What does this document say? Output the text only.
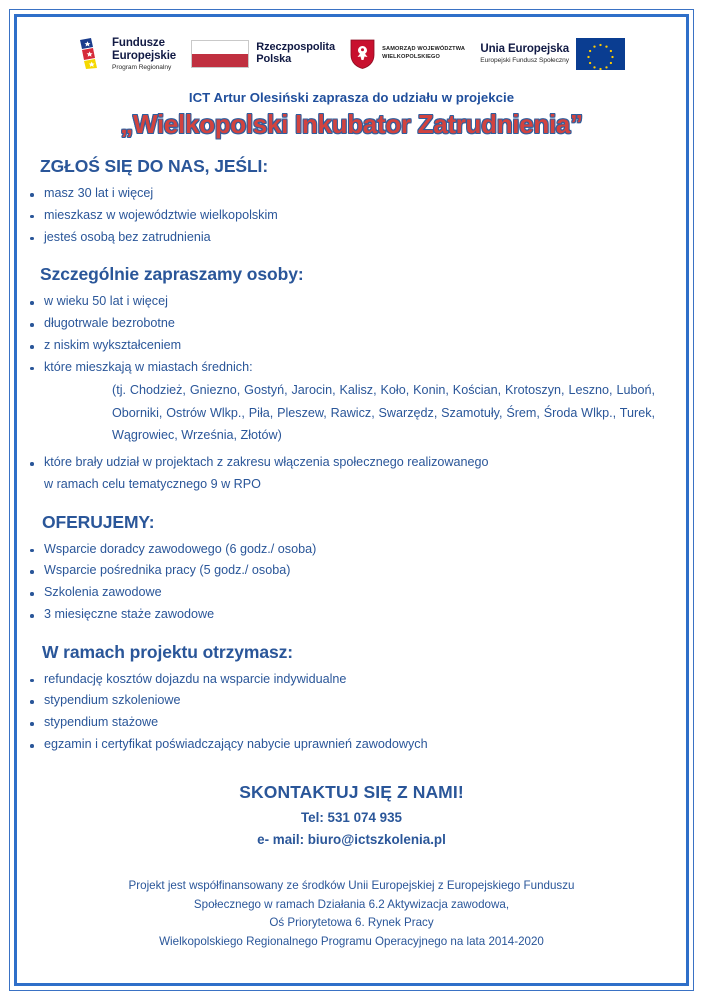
Fundusze
Europejskie
Program Regionalny
Rzeczpospolita
Polska
SAMORZĄD WOJEWÓDZTWA
WIELKOPOLSKIEGO
Unia Europejska
Europejski Fundusz Społeczny
ICT Artur Olesiński zaprasza do udziału w projekcie
„Wielkopolski Inkubator Zatrudnienia”
ZGŁOŚ SIĘ DO NAS, JEŚLI:
masz 30 lat i więcej
mieszkasz w województwie wielkopolskim
jesteś osobą bez zatrudnienia
Szczególnie zapraszamy osoby:
w wieku 50 lat i więcej
długotrwale bezrobotne
z niskim wykształceniem
które mieszkają w miastach średnich:
(tj. Chodzież, Gniezno, Gostyń, Jarocin, Kalisz, Koło, Konin, Kościan, Krotoszyn, Leszno, Luboń, Oborniki, Ostrów Wlkp., Piła, Pleszew, Rawicz, Swarzędz, Szamotuły, Śrem, Środa Wlkp., Turek, Wągrowiec, Września, Złotów)
które brały udział w projektach z zakresu włączenia społecznego realizowanego
w ramach celu tematycznego 9 w RPO
OFERUJEMY:
Wsparcie doradcy zawodowego (6 godz./ osoba)
Wsparcie pośrednika pracy (5 godz./ osoba)
Szkolenia zawodowe
3 miesięczne staże zawodowe
W ramach projektu otrzymasz:
refundację kosztów dojazdu na wsparcie indywidualne
stypendium szkoleniowe
stypendium stażowe
egzamin i certyfikat poświadczający nabycie uprawnień zawodowych
SKONTAKTUJ SIĘ Z NAMI!
Tel: 531 074 935
e- mail: biuro@ictszkolenia.pl
Projekt jest współfinansowany ze środków Unii Europejskiej z Europejskiego Funduszu
Społecznego w ramach Działania 6.2 Aktywizacja zawodowa,
Oś Priorytetowa 6. Rynek Pracy
Wielkopolskiego Regionalnego Programu Operacyjnego na lata 2014-2020
